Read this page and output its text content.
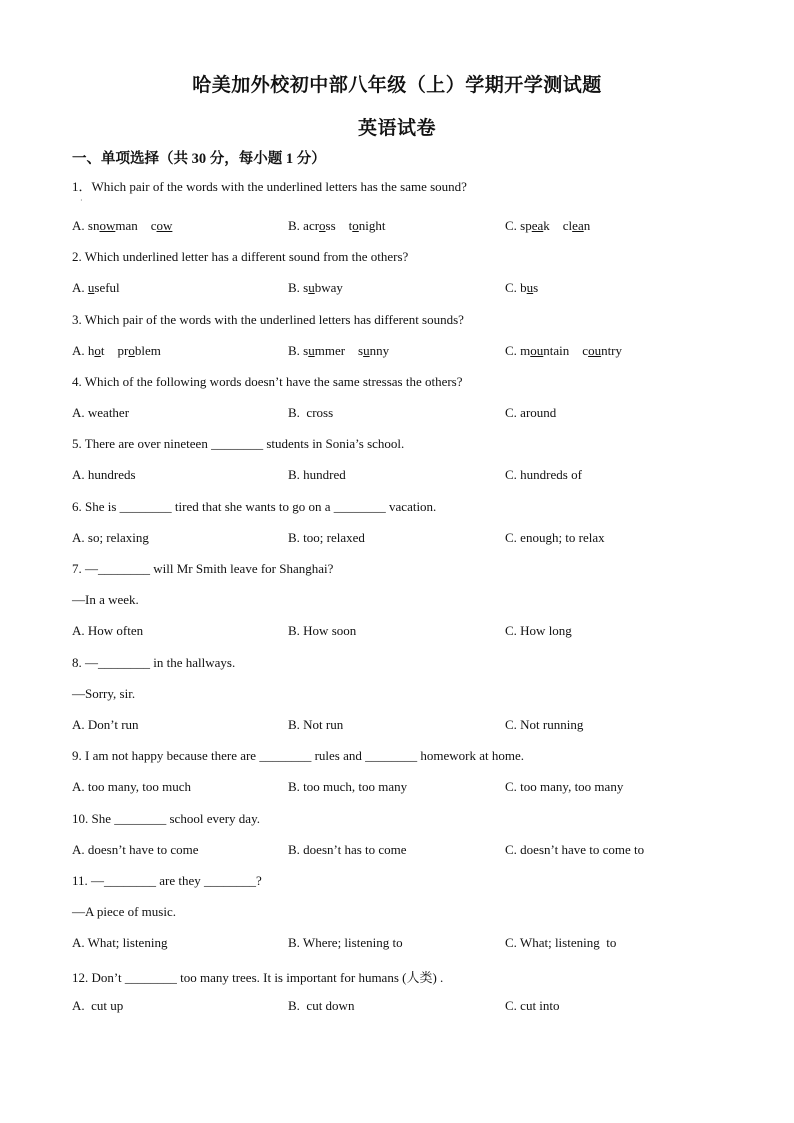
哈美加外校初中部八年级（上）学期开学测试题
英语试卷
一、单项选择（共 30 分，每小题 1 分）
1．Which pair of the words with the underlined letters has the same sound?
·
A. snowman    cow	B. across    tonight	C. speak    clean
2. Which underlined letter has a different sound from the others?
A. useful	B. subway	C. bus
3. Which pair of the words with the underlined letters has different sounds?
A. hot    problem	B. summer    sunny	C. mountain    country
4. Which of the following words doesn’t have the same stressas the others?
A. weather	B.  cross	C. around
5. There are over nineteen ________ students in Sonia’s school.
A. hundreds	B. hundred	C. hundreds of
6. She is ________ tired that she wants to go on a ________ vacation.
A. so; relaxing	B. too; relaxed	C. enough; to relax
7. —________ will Mr Smith leave for Shanghai?
—In a week.
A. How often	B. How soon	C. How long
8. —________ in the hallways.
—Sorry, sir.
A. Don’t run	B. Not run	C. Not running
9. I am not happy because there are ________ rules and ________ homework at home.
A. too many, too much	B. too much, too many	C. too many, too many
10. She ________ school every day.
A. doesn’t have to come	B. doesn’t has to come	C. doesn’t have to come to
11. —________ are they ________?
—A piece of music.
A. What; listening	B. Where; listening to	C. What; listening  to
12. Don’t ________ too many trees. It is important for humans (人类) .
A.  cut up	B.  cut down	C. cut into
